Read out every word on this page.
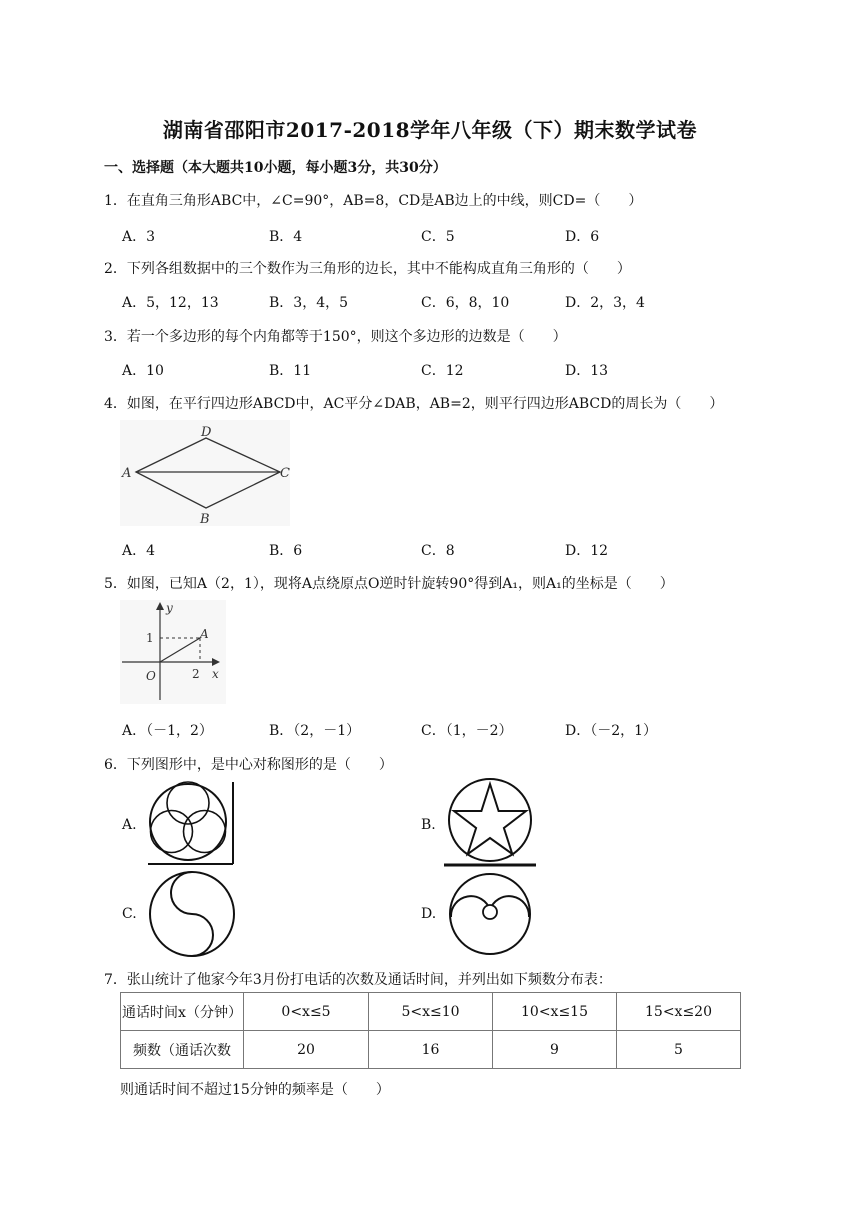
湖南省邵阳市2017-2018学年八年级（下）期末数学试卷
一、选择题（本大题共10小题，每小题3分，共30分）
1．在直角三角形ABC中，∠C=90°，AB=8，CD是AB边上的中线，则CD=（　　）
A．3	B．4	C．5	D．6
2．下列各组数据中的三个数作为三角形的边长，其中不能构成直角三角形的（　　）
A．5，12，13	B．3，4，5	C．6，8，10	D．2，3，4
3．若一个多边形的每个内角都等于150°，则这个多边形的边数是（　　）
A．10	B．11	C．12	D．13
4．如图，在平行四边形ABCD中，AC平分∠DAB，AB=2，则平行四边形ABCD的周长为（　　）
D
A	C
B
A．4	B．6	C．8	D．12
5．如图，已知A（2，1），现将A点绕原点O逆时针旋转90°得到A₁，则A₁的坐标是（　　）
y
1	A
O	2 x
A．（－1，2）	B．（2，－1）	C．（1，－2）	D．（－2，1）
6．下列图形中，是中心对称图形的是（　　）
A.	B.
C.	D.
7．张山统计了他家今年3月份打电话的次数及通话时间，并列出如下频数分布表：
通话时间x（分钟）	0<x≤5	5<x≤10	10<x≤15	15<x≤20
频数（通话次数	20	16	9	5
则通话时间不超过15分钟的频率是（　　）
